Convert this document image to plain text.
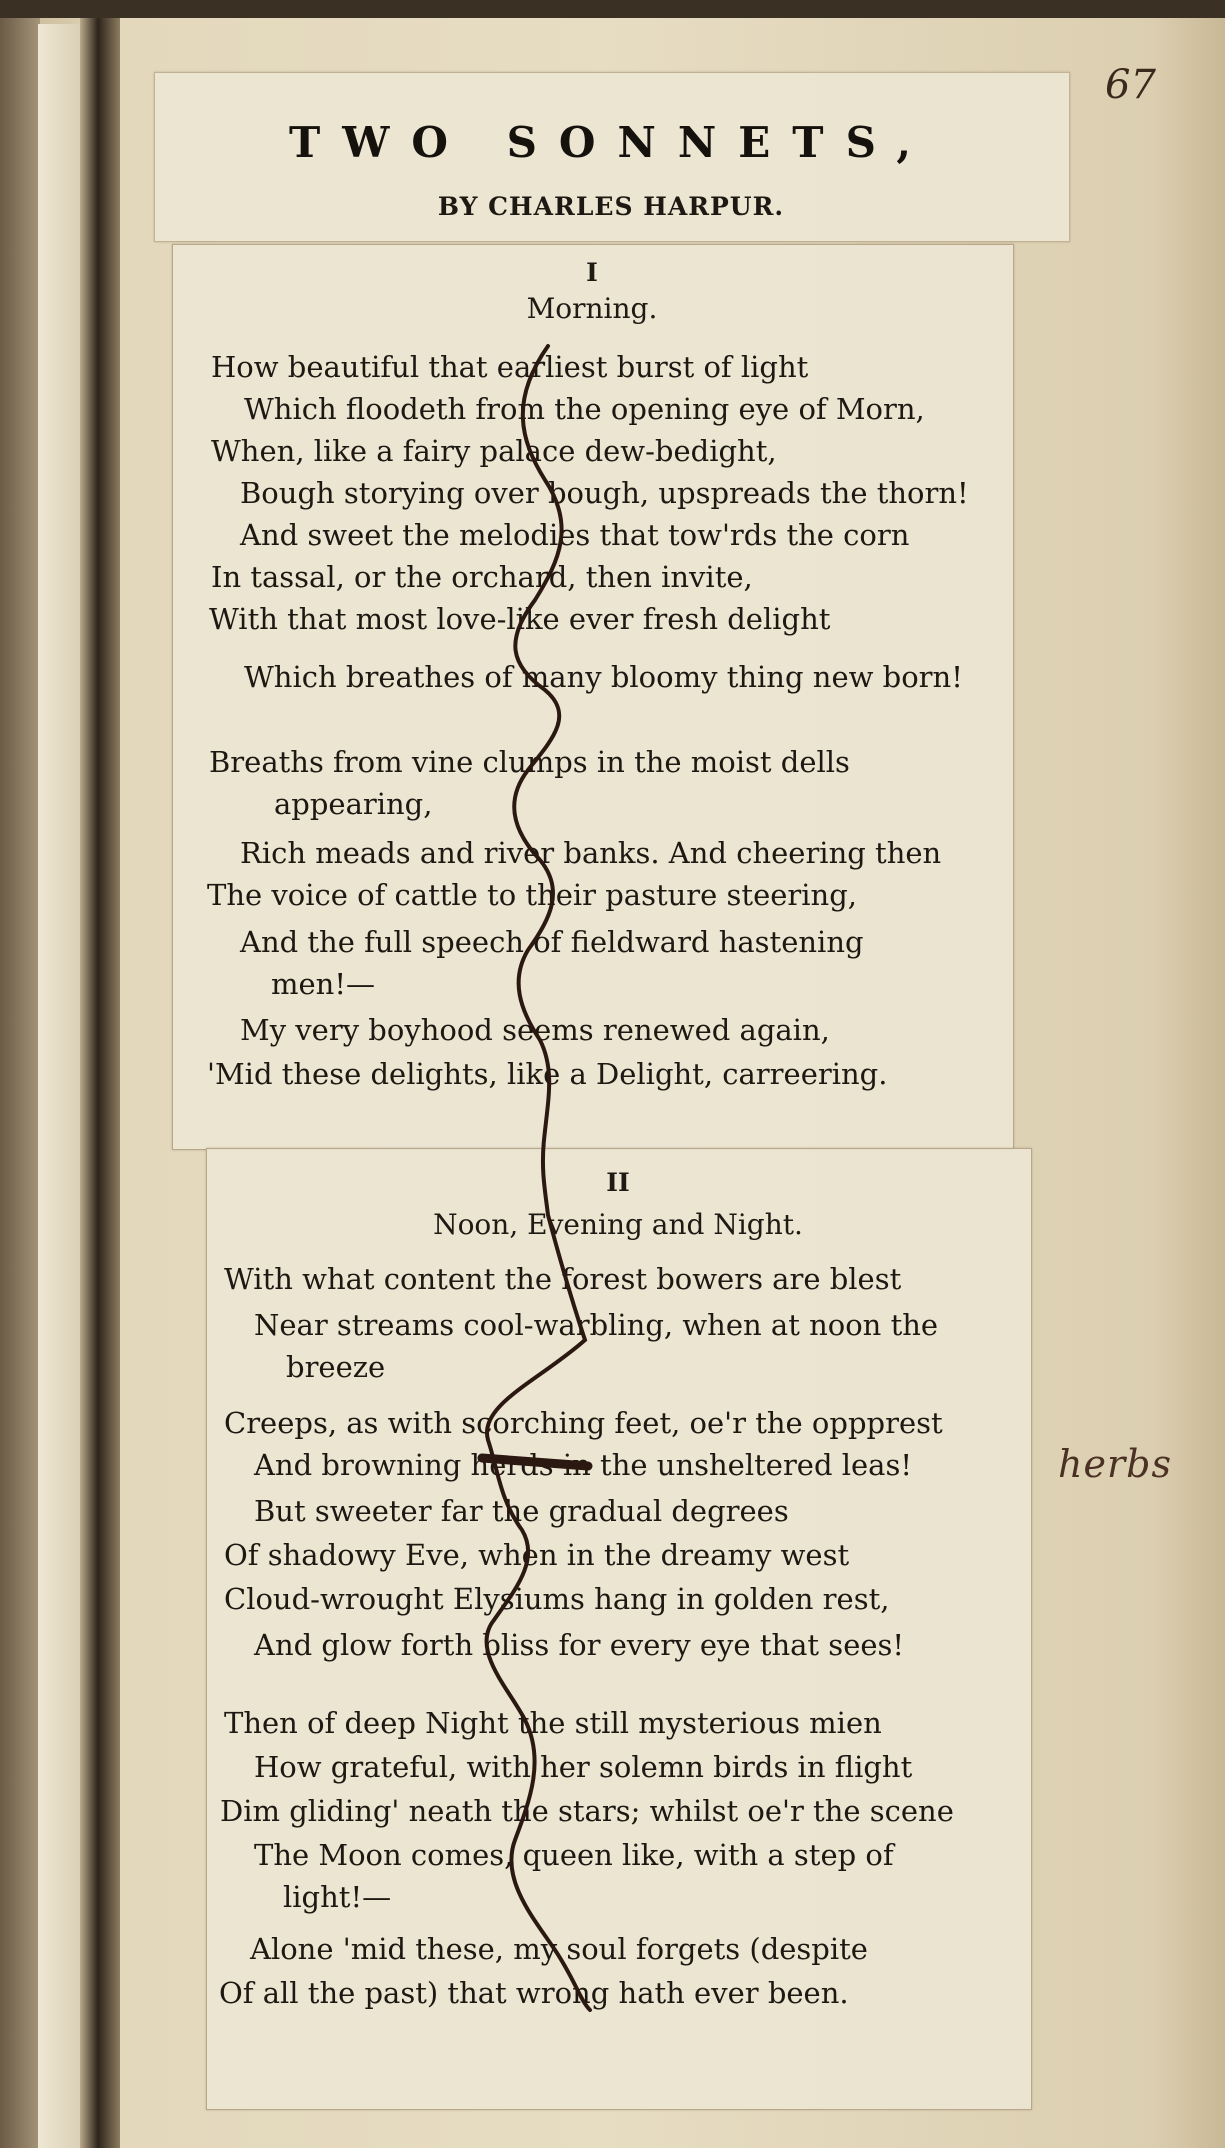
67
TWO SONNETS,
BY CHARLES HARPUR.
I
Morning.
How beautiful that earliest burst of light
Which floodeth from the opening eye of Morn,
When, like a fairy palace dew-bedight,
Bough storying over bough, upspreads the thorn!
And sweet the melodies that tow'rds the corn
In tassal, or the orchard, then invite,
With that most love-like ever fresh delight
Which breathes of many bloomy thing new born!
Breaths from vine clumps in the moist dells
appearing,
Rich meads and river banks. And cheering then
The voice of cattle to their pasture steering,
And the full speech of fieldward hastening
men!—
My very boyhood seems renewed again,
'Mid these delights, like a Delight, carreering.
II
Noon, Evening and Night.
With what content the forest bowers are blest
Near streams cool-warbling, when at noon the
breeze
Creeps, as with scorching feet, oe'r the oppprest
And browning herds in the unsheltered leas!
But sweeter far the gradual degrees
Of shadowy Eve, when in the dreamy west
Cloud-wrought Elysiums hang in golden rest,
And glow forth bliss for every eye that sees!
Then of deep Night the still mysterious mien
How grateful, with her solemn birds in flight
Dim gliding' neath the stars; whilst oe'r the scene
The Moon comes, queen like, with a step of
light!—
Alone 'mid these, my soul forgets (despite
Of all the past) that wrong hath ever been.
herbs
